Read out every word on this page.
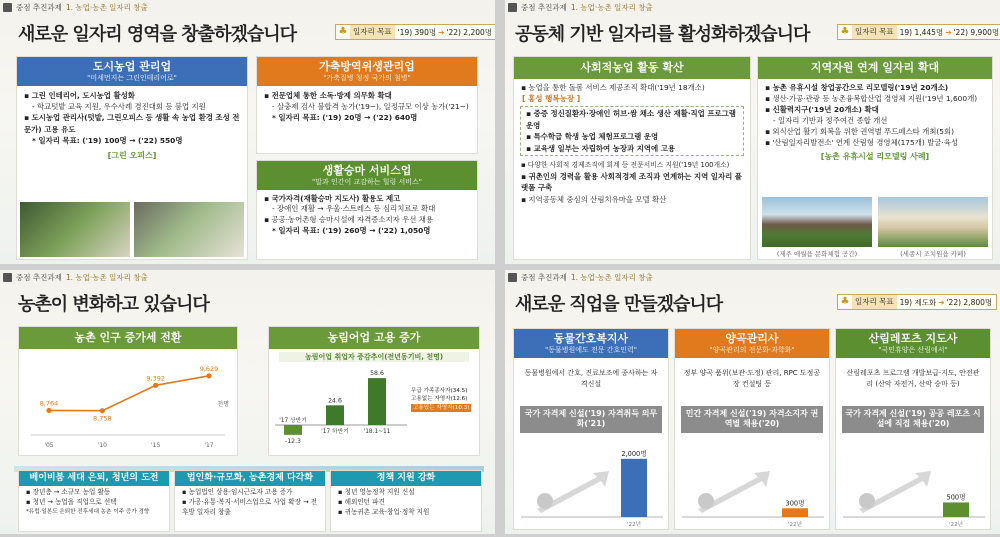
중점 추진과제 1. 농업·농촌 일자리 창출
새로운 일자리 영역을 창출하겠습니다	♣ 일자리 목표 '19) 390명 ➔ '22) 2,200명
도시농업 관리업
"미세먼지는 그린인테리어로"
▪ 그린 인테리어, 도시농업 활성화
- 학교텃밭 교육 지원, 우수사례 경진대회 등 붐업 지원
▪ 도시농업 관리사(텃밭, 그린오피스 등 생활 속 농업 환경 조성 전문가) 고용 유도
* 일자리 목표: ('19) 100명 → ('22) 550명
[그린 오피스]
가축방역위생관리업
"가축질병 청정 국가의 첨병"
▪ 전문업체 통한 소독·방제 의무화 확대
- 살충제 검사 불합격 농가('19~), 일정규모 이상 농가('21~)
* 일자리 목표: ('19) 20명 → ('22) 640명
생활승마 서비스업
"말과 인간이 교감하는 힐링 서비스"
▪ 국가자격(재활승마 지도사) 활용도 제고
- 장애인 재활 → 우울·스트레스 등 심리치료로 확대
▪ 공공·농어촌형 승마시설에 자격증소지자 우선 채용
* 일자리 목표: ('19) 260명 → ('22) 1,050명
중점 추진과제 1. 농업·농촌 일자리 창출
공동체 기반 일자리를 활성화하겠습니다	♣ 일자리 목표 19) 1,445명 ➔ '22) 9,900명
사회적농업 활동 확산
▪ 농업을 통한 돌봄 서비스 제공조직 확대('19년 18개소)
[ 홍성 행복농장 ]
▪ 중증 정신질환자·장애인 허브·쌈 채소 생산 재활·직업 프로그램 운영
▪ 특수학급 학생 농업 체험프로그램 운영
▪ 교육생 일부는 자립하여 농장과 지역에 고용
▪ 다양한 사회적 경제조직에 회계 등 전문서비스 지원('19년 100개소)
▪ 귀촌인의 경력을 활용 사회적경제 조직과 연계하는 지역 일자리 플랫폼 구축
▪ 지역공동체 중심의 산림치유마을 모델 확산
지역자원 연계 일자리 확대
▪ 농촌 유휴시설 창업공간으로 리모델링('19년 20개소)
▪ 생산·가공·관광 등 농촌융복합산업 경영체 지원('19년 1,600개)
▪ 신활력지구('19년 20개소) 확대
- 일자리 기반과 정주여건 종합 개선
▪ 외식산업 활기 회복을 위한 권역별 푸드페스타 개최(5회)
▪ '산림일자리발전소' 연계 산림형 경영체(175개) 발굴·육성
[농촌 유휴시설 리모델링 사례]
(제주 애월읍 문화체험 공간)	(세종시 조치원읍 카페)
중점 추진과제 1. 농업·농촌 일자리 창출
농촌이 변화하고 있습니다
농촌 인구 증가세 전환
8,764
'05
8,758
'10
9,392
'15
9,629
'17
천명
농림어업 고용 증가
농림어업 취업자 증감추이(전년동기비, 천명)
-12.3
'17 상반기
24.6
'17 하반기
58.6
'18.1~11
무급 가족종사자(34.5)
고용없는 자영자(12.6)
고용있는 자영자(10.3)
베이비붐 세대 은퇴, 청년의 도전
▪ 장년층 → 소규모 농업 활동
▪ 청년 → 농업을 직업으로 선택
*유럽·일본도 은퇴한 전후세대 농촌 이주 증가 경향
법인화·규모화, 농촌경제 다각화
▪ 농업법인 상용·임시근로자 고용 증가
▪ 가공·유통·복지·서비스업으로 사업 확장 → 전후방 일자리 창출
정책 지원 강화
▪ 청년 영농정착 지원 신설
▪ 해외인턴 파견
▪ 귀농귀촌 교육·창업·정착 지원
중점 추진과제 1. 농업·농촌 일자리 창출
새로운 직업을 만들겠습니다	♣ 일자리 목표 19) 제도화 ➔ '22) 2,800명
동물간호복지사
"동물병원에도 전문 간호인력"
동물병원에서 간호, 진료보조에 종사하는 자격신설
국가 자격제 신설('19) 자격취득 의무화('21)
2,000명
'22년
양곡관리사
"양곡관리의 전문화·과학화"
정부 양곡 품위(보관·도정) 관리, RPC 도정공장 컨설팅 등
민간 자격제 신설('19) 자격소지자 권역별 채용('20)
300명
'22년
산림레포츠 지도사
"국민휴양은 산림에서"
산림레포츠 프로그램 개발보급·지도, 안전관리 (산악 자전거, 산악 승마 등)
국가 자격제 신설('19) 공공 레포츠 시설에 직접 채용('20)
500명
'22년
